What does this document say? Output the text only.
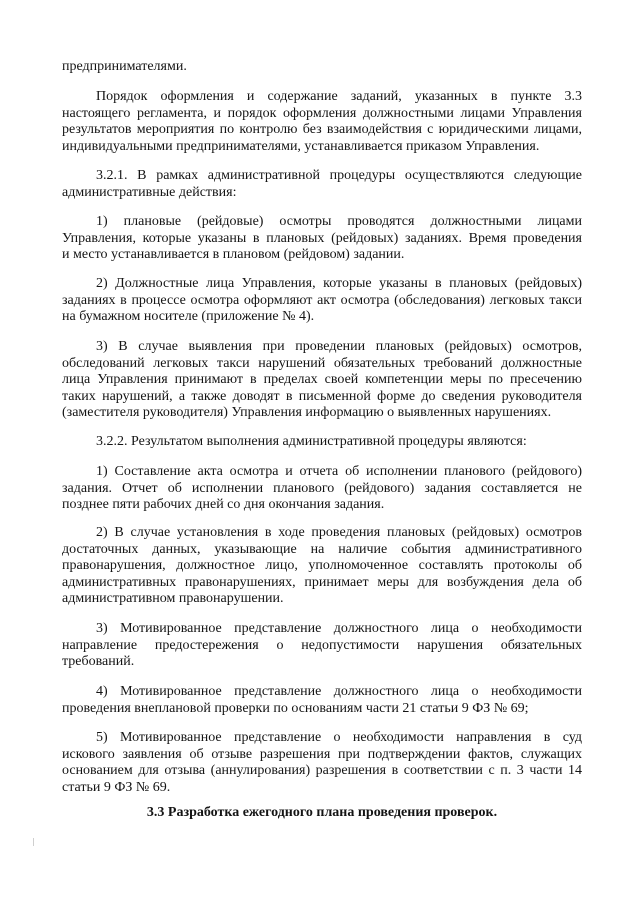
предпринимателями.
Порядок оформления и содержание заданий, указанных в пункте 3.3
настоящего регламента, и порядок оформления должностными лицами Управления
результатов мероприятия по контролю без взаимодействия с юридическими лицами,
индивидуальными предпринимателями, устанавливается приказом Управления.
3.2.1. В рамках административной процедуры осуществляются следующие
административные действия:
1) плановые (рейдовые) осмотры проводятся должностными лицами
Управления, которые указаны в плановых (рейдовых) заданиях. Время проведения
и место устанавливается в плановом (рейдовом) задании.
2) Должностные лица Управления, которые указаны в плановых (рейдовых)
заданиях в процессе осмотра оформляют акт осмотра (обследования) легковых такси
на бумажном носителе (приложение № 4).
3) В случае выявления при проведении плановых (рейдовых) осмотров,
обследований легковых такси нарушений обязательных требований должностные
лица Управления принимают в пределах своей компетенции меры по пресечению
таких нарушений, а также доводят в письменной форме до сведения руководителя
(заместителя руководителя) Управления информацию о выявленных нарушениях.
3.2.2. Результатом выполнения административной процедуры являются:
1) Составление акта осмотра и отчета об исполнении планового (рейдового)
задания. Отчет об исполнении планового (рейдового) задания составляется не
позднее пяти рабочих дней со дня окончания задания.
2) В случае установления в ходе проведения плановых (рейдовых) осмотров
достаточных данных, указывающие на наличие события административного
правонарушения, должностное лицо, уполномоченное составлять протоколы об
административных правонарушениях, принимает меры для возбуждения дела об
административном правонарушении.
3) Мотивированное представление должностного лица о необходимости
направление предостережения о недопустимости нарушения обязательных
требований.
4) Мотивированное представление должностного лица о необходимости
проведения внеплановой проверки по основаниям части 21 статьи 9 ФЗ № 69;
5) Мотивированное представление о необходимости направления в суд
искового заявления об отзыве разрешения при подтверждении фактов, служащих
основанием для отзыва (аннулирования) разрешения в соответствии с п. 3 части 14
статьи 9 ФЗ № 69.
3.3 Разработка ежегодного плана проведения проверок.
